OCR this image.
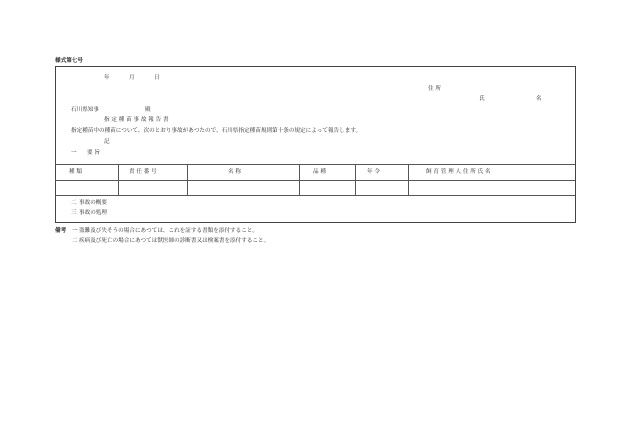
様式第七号
年	月	日
住 所
氏	名
石川県知事	殿
指 定 種 苗 事 故 報 告 書
指定種苗中の種苗について、次のとおり事故があつたので、石川県指定種苗規則第十条の規定によって報告します。
記
一 要 旨
種 類	責 任 番 号	名 称	品 種	年 令	飼 育 管 理 人 住 所 氏 名
二 事故の概要
三 事故の処理
備考 一 盗難及び失そうの場合にあつては、これを証する書類を添付すること。
二 疾病及び死亡の場合にあつては獣医師の診断書又は検案書を添付すること。
